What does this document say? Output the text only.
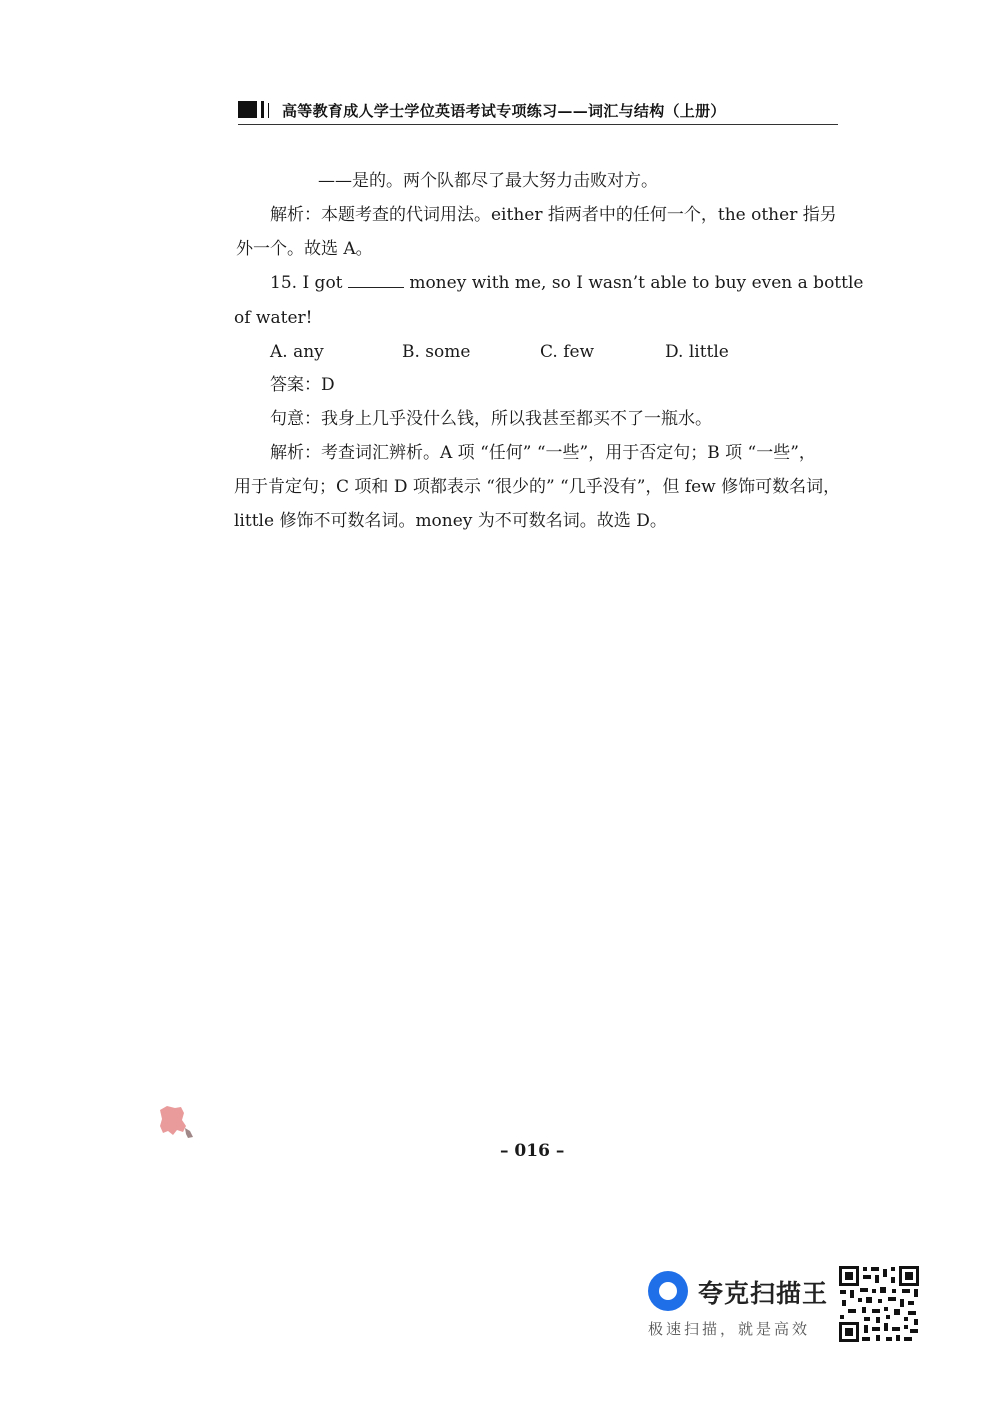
高等教育成人学士学位英语考试专项练习——词汇与结构（上册）
——是的。两个队都尽了最大努力击败对方。
解析：本题考查的代词用法。either 指两者中的任何一个，the other 指另
外一个。故选 A。
15. I got	money with me, so I wasn’t able to buy even a bottle
of water!
A. any	B. some	C. few	D. little
答案：D
句意：我身上几乎没什么钱，所以我甚至都买不了一瓶水。
解析：考查词汇辨析。A 项 “任何” “一些”，用于否定句；B 项 “一些”，
用于肯定句；C 项和 D 项都表示 “很少的” “几乎没有”，但 few 修饰可数名词，
little 修饰不可数名词。money 为不可数名词。故选 D。
– 016 –
夸克扫描王
极速扫描，就是高效
